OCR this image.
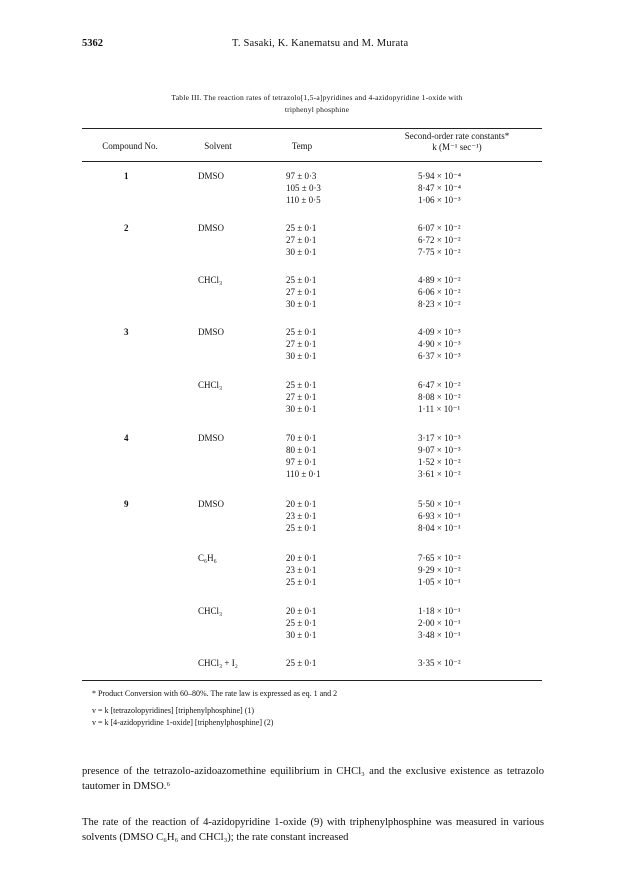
5362	T. Sasaki, K. Kanematsu and M. Murata
Table III. The reaction rates of tetrazolo[1,5-a]pyridines and 4-azidopyridine 1-oxide with
triphenyl phosphine
Compound No.	Solvent	Temp
Second-order rate constants*
k (M⁻¹ sec⁻¹)
1	DMSO	97 ± 0·3	5·94 × 10⁻⁴
105 ± 0·3	8·47 × 10⁻⁴
110 ± 0·5	1·06 × 10⁻³
2	DMSO	25 ± 0·1	6·07 × 10⁻²
27 ± 0·1	6·72 × 10⁻²
30 ± 0·1	7·75 × 10⁻²
CHCl₃	25 ± 0·1	4·89 × 10⁻²
27 ± 0·1	6·06 × 10⁻²
30 ± 0·1	8·23 × 10⁻²
3	DMSO	25 ± 0·1	4·09 × 10⁻³
27 ± 0·1	4·90 × 10⁻³
30 ± 0·1	6·37 × 10⁻³
CHCl₃	25 ± 0·1	6·47 × 10⁻²
27 ± 0·1	8·08 × 10⁻²
30 ± 0·1	1·11 × 10⁻¹
4	DMSO	70 ± 0·1	3·17 × 10⁻³
80 ± 0·1	9·07 × 10⁻³
97 ± 0·1	1·52 × 10⁻²
110 ± 0·1	3·61 × 10⁻²
9	DMSO	20 ± 0·1	5·50 × 10⁻¹
23 ± 0·1	6·93 × 10⁻¹
25 ± 0·1	8·04 × 10⁻¹
C₆H₆	20 ± 0·1	7·65 × 10⁻²
23 ± 0·1	9·29 × 10⁻²
25 ± 0·1	1·05 × 10⁻¹
CHCl₃	20 ± 0·1	1·18 × 10⁻¹
25 ± 0·1	2·00 × 10⁻¹
30 ± 0·1	3·48 × 10⁻¹
CHCl₃ + I₂	25 ± 0·1	3·35 × 10⁻²
* Product Conversion with 60–80%. The rate law is expressed as eq. 1 and 2
v = k [tetrazolopyridines] [triphenylphosphine] (1)
v = k [4-azidopyridine 1-oxide] [triphenylphosphine] (2)
presence of the tetrazolo-azidoazomethine equilibrium in CHCl₃ and the exclusive existence as tetrazolo tautomer in DMSO.⁶
The rate of the reaction of 4-azidopyridine 1-oxide (9) with triphenylphosphine was measured in various solvents (DMSO C₆H₆ and CHCl₃); the rate constant increased
